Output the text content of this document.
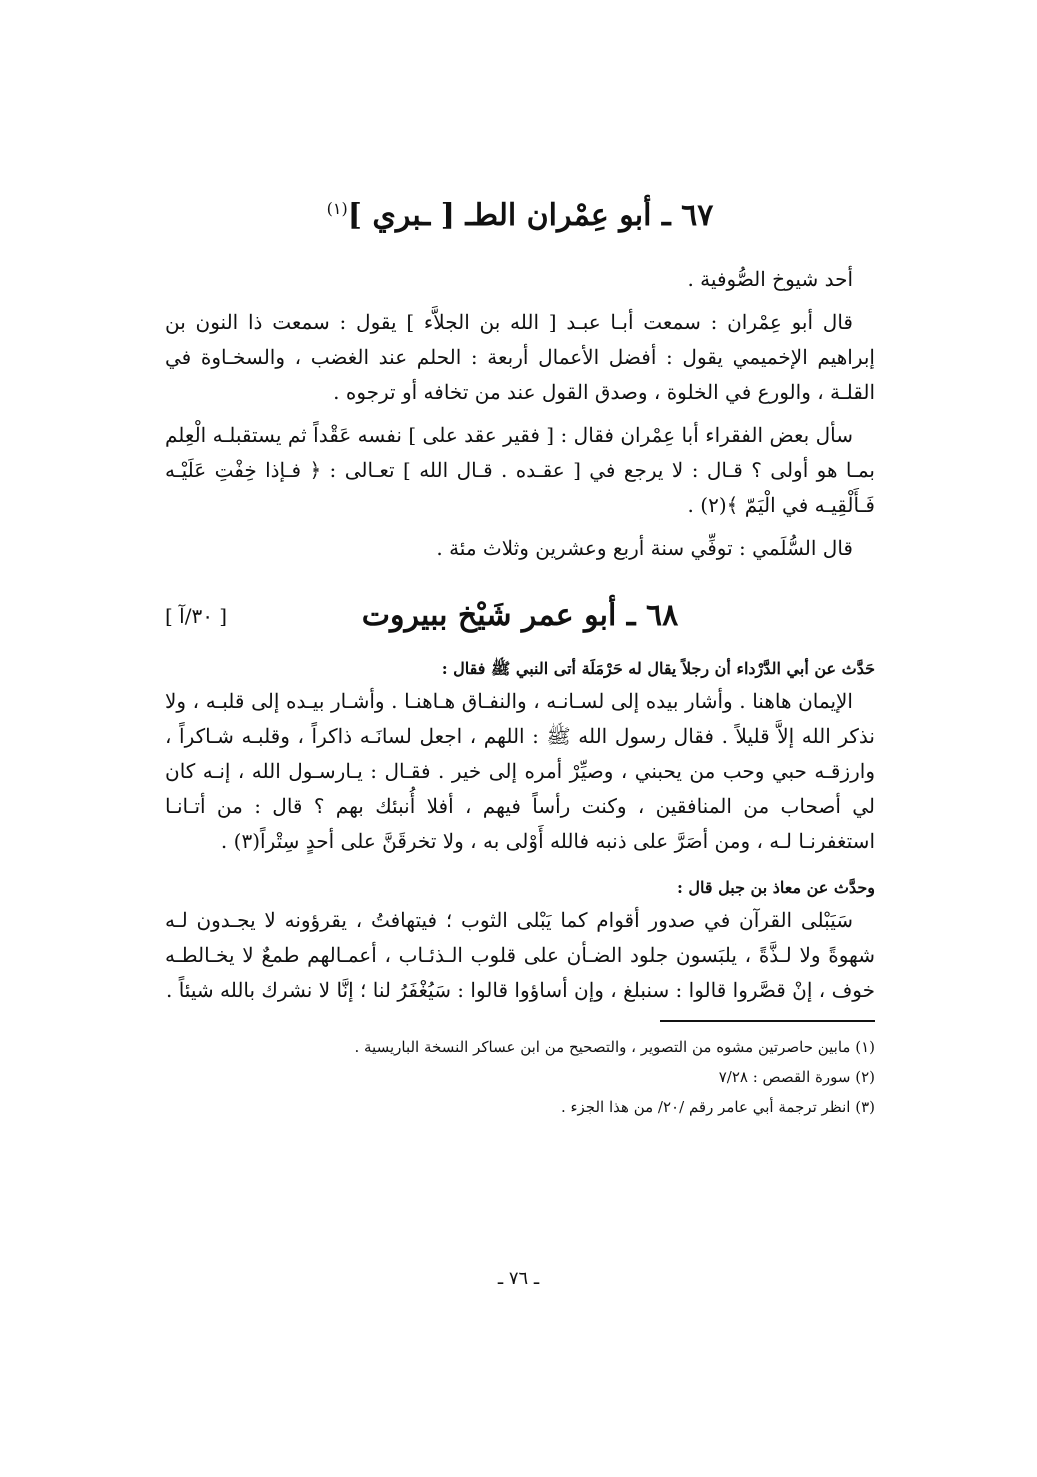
٦٧ ـ أبو عِمْران الطـ [ ـبري ]$^{(١)}$

أحد شيوخ الصُّوفية .

قال أبو عِمْران : سمعت أبـا عبـد [ الله بن الجلاَّء ] يقول : سمعت ذا النون بن إبراهيم الإخميمي يقول : أفضل الأعمال أربعة : الحلم عند الغضب ، والسخـاوة في القلـة ، والورع في الخلوة ، وصدق القول عند من تخافه أو ترجوه .

سأل بعض الفقراء أبا عِمْران فقال : [ فقير عقد على ] نفسه عَقْداً ثم يستقبلـه الْعِلم بمـا هو أولى ؟ قـال : لا يرجع في [ عقـده . قـال الله ] تعـالى : ﴿ فـإذا خِفْتِ عَلَيْـه فَـأَلْقِيـه في الْيَمّ ﴾(٢) .

قال السُّلَمي : توفِّي سنة أربع وعشرين وثلاث مئة .

٦٨ ـ أبو عمر شَيْخ ببيروت
[ ٣٠/آ ]

حَدَّث عن أبي الدَّرْداء أن رجلاً يقال له حَرْمَلَة أتى النبي ﷺ فقال :

الإيمان هاهنا . وأشار بيده إلى لسـانـه ، والنفـاق هـاهنـا . وأشـار بيـده إلى قلبـه ، ولا نذكر الله إلاَّ قليلاً . فقال رسول الله ﷺ : اللهم ، اجعل لسانَـه ذاكراً ، وقلبـه شـاكراً ، وارزقـه حبي وحب من يحبني ، وصيِّرْ أمره إلى خير . فقـال : يـارسـول الله ، إنـه كان لي أصحاب من المنافقين ، وكنت رأساً فيهم ، أفلا أُنبئك بهم ؟ قال : من أتـانـا استغفرنـا لـه ، ومن أصَرَّ على ذنبه فالله أَوْلى به ، ولا تخرقَنَّ على أحدٍ سِتْراً(٣) .

وحدَّث عن معاذ بن جبل قال :

سَيَبْلى القرآن في صدور أقوام كما يَبْلى الثوب ؛ فيتهافتُ ، يقرؤونه لا يجـدون لـه شهوةً ولا لـذَّةً ، يلبَسون جلود الضـأن على قلوب الـذئـاب ، أعمـالهم طمعٌ لا يخـالطـه خوف ، إنْ قصَّروا قالوا : سنبلغ ، وإن أساؤوا قالوا : سَيُغْفَرُ لنا ؛ إنَّا لا نشرك بالله شيئاً .

(١) مابين حاصرتين مشوه من التصوير ، والتصحيح من ابن عساكر النسخة الباريسية .

(٢) سورة القصص : ٧/٢٨

(٣) انظر ترجمة أبي عامر رقم /٢٠/ من هذا الجزء .

ـ ٧٦ ـ
